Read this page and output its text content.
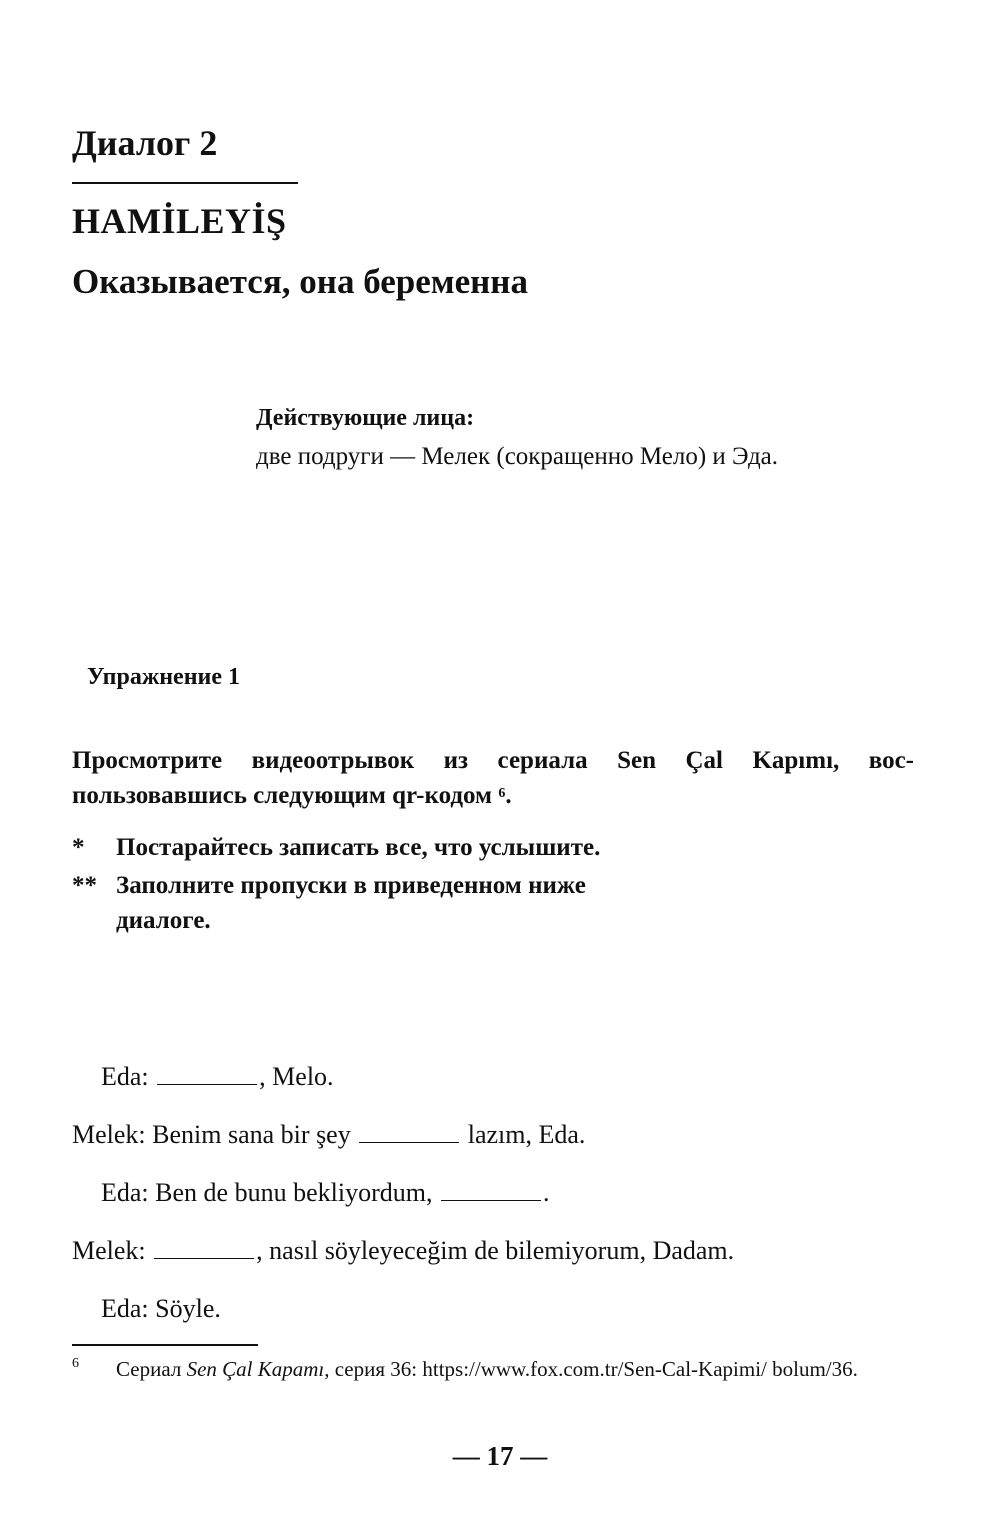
Диалог 2
HAMİLEYİŞ
Оказывается, она беременна
Действующие лица:
две подруги — Мелек (сокращенно Мело) и Эда.
Упражнение 1
Просмотрите видеоотрывок из сериала Sen Çal Kapımı, вос-
пользовавшись следующим qr-кодом $^6$.
* Постарайтесь записать все, что услышите.
** Заполните пропуски в приведенном ниже диалоге.
Eda:	, Melo.
Melek: Benim sana bir şey	lazım, Eda.
Eda: Ben de bunu bekliyordum,	.
Melek:	, nasıl söyleyeceğim de bilemiyorum, Dadam.
Eda: Söyle.
6 Сериал Sen Çal Kapamı, серия 36: https://www.fox.com.tr/Sen-Cal-Kapimi/ bolum/36.
— 17 —
